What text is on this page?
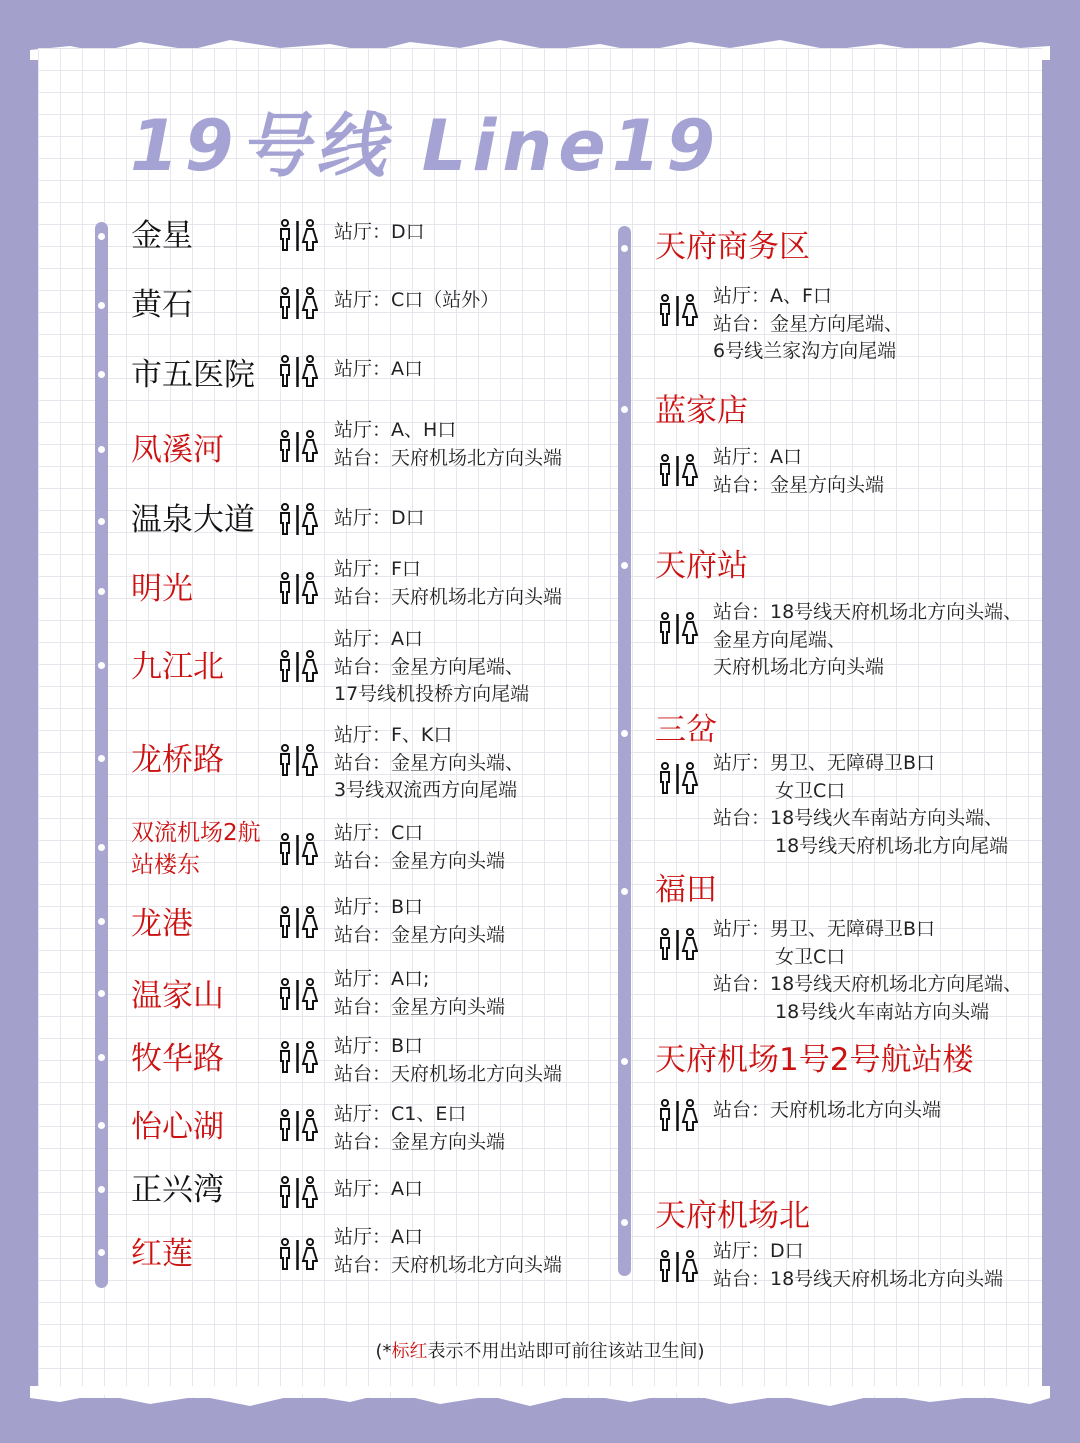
19号线 Line19
金星	站厅：D口
黄石	站厅：C口（站外）
市五医院	站厅：A口
凤溪河
站厅：A、H口
站台：天府机场北方向头端
温泉大道	站厅：D口
明光
站厅：F口
站台：天府机场北方向头端
九江北
站厅：A口
站台：金星方向尾端、
17号线机投桥方向尾端
龙桥路
站厅：F、K口
站台：金星方向头端、
3号线双流西方向尾端
双流机场2航站楼东
站厅：C口
站台：金星方向头端
龙港	站厅：B口
站台：金星方向头端
温家山	站厅：A口;
站台：金星方向头端
牧华路	站厅：B口
站台：天府机场北方向头端
怡心湖	站厅：C1、E口
站台：金星方向头端
正兴湾	站厅：A口
红莲	站厅：A口
站台：天府机场北方向头端
天府商务区
站厅：A、F口
站台：金星方向尾端、
6号线兰家沟方向尾端
蓝家店
站厅：A口
站台：金星方向头端
天府站
站台：18号线天府机场北方向头端、
金星方向尾端、
天府机场北方向头端
三岔
站厅：男卫、无障碍卫B口
女卫C口
站台：18号线火车南站方向头端、
18号线天府机场北方向尾端
福田
站厅：男卫、无障碍卫B口
女卫C口
站台：18号线天府机场北方向尾端、
18号线火车南站方向头端
天府机场1号2号航站楼
站台：天府机场北方向头端
天府机场北
站厅：D口
站台：18号线天府机场北方向头端
(*标红表示不用出站即可前往该站卫生间)
